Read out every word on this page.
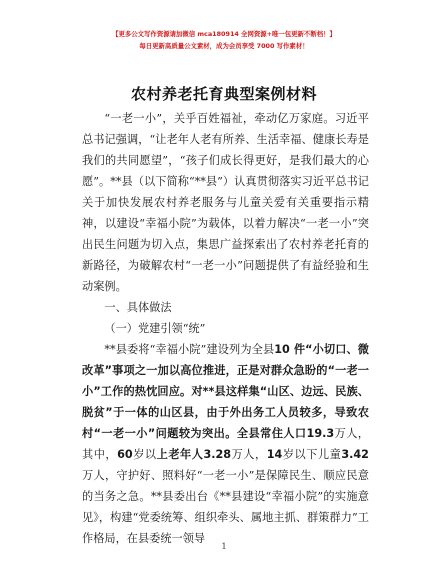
【更多公文写作资源请加微信 mca180914 全网资源+唯一包更新不断档！】
每日更新高质量公文素材，成为会员享受 7000 写作素材！
农村养老托育典型案例材料

“一老一小”，关乎百姓福祉，牵动亿万家庭。习近平总书记强调，“让老年人老有所养、生活幸福、健康长寿是我们的共同愿望”，“孩子们成长得更好，是我们最大的心愿”。**县（以下简称“**县”）认真贯彻落实习近平总书记关于加快发展农村养老服务与儿童关爱有关重要指示精神，以建设“幸福小院”为载体，以着力解决“一老一小”突出民生问题为切入点，集思广益探索出了农村养老托育的新路径，为破解农村“一老一小”问题提供了有益经验和生动案例。

一、具体做法

（一）党建引领“统”

**县委将“幸福小院”建设列为全县10 件“小切口、微改革”事项之一加以高位推进，正是对群众急盼的“一老一小”工作的热忱回应。对**县这样集“山区、边远、民族、脱贫”于一体的山区县，由于外出务工人员较多，导致农村“一老一小”问题较为突出。全县常住人口19.3万人，其中，60岁以上老年人3.28万人，14岁以下儿童3.42万人，守护好、照料好“一老一小”是保障民生、顺应民意的当务之急。**县委出台《**县建设“幸福小院”的实施意见》，构建“党委统筹、组织牵头、属地主抓、群策群力”工作格局，在县委统一领导

1
